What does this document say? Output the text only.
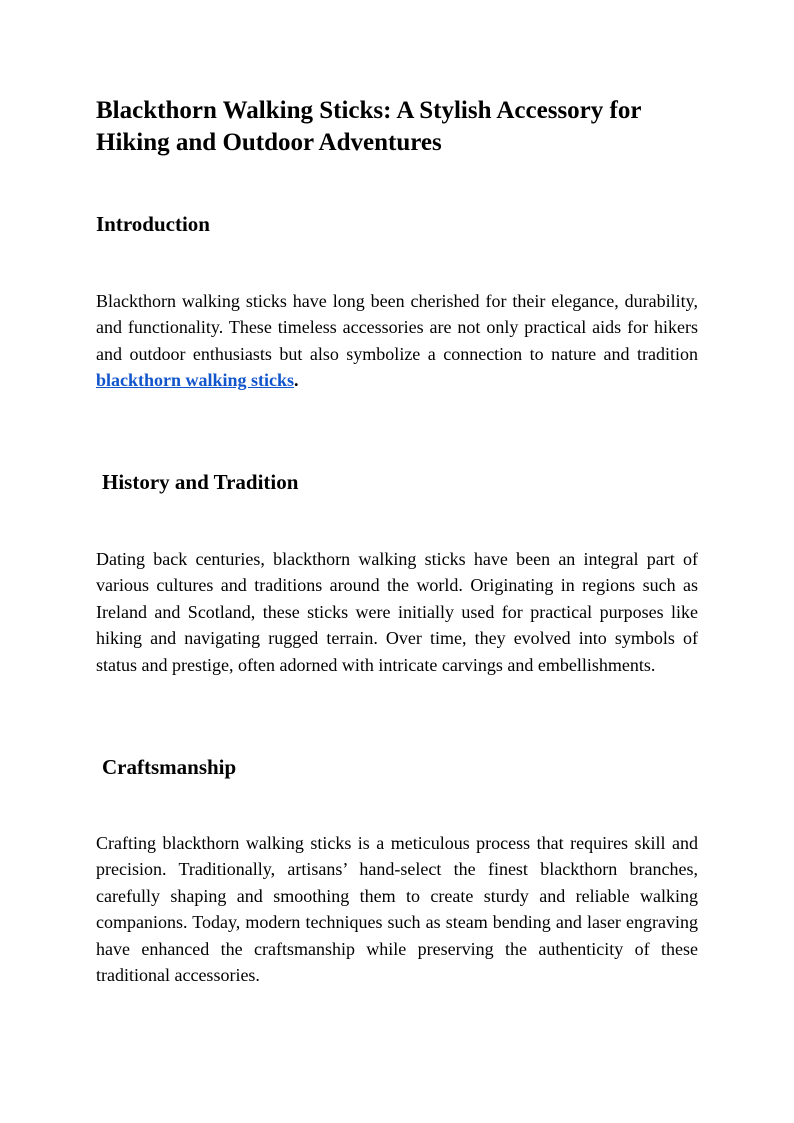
Blackthorn Walking Sticks: A Stylish Accessory for Hiking and Outdoor Adventures
Introduction

Blackthorn walking sticks have long been cherished for their elegance, durability, and functionality. These timeless accessories are not only practical aids for hikers and outdoor enthusiasts but also symbolize a connection to nature and tradition blackthorn walking sticks.

History and Tradition

Dating back centuries, blackthorn walking sticks have been an integral part of various cultures and traditions around the world. Originating in regions such as Ireland and Scotland, these sticks were initially used for practical purposes like hiking and navigating rugged terrain. Over time, they evolved into symbols of status and prestige, often adorned with intricate carvings and embellishments.

Craftsmanship

Crafting blackthorn walking sticks is a meticulous process that requires skill and precision. Traditionally, artisans’ hand-select the finest blackthorn branches, carefully shaping and smoothing them to create sturdy and reliable walking companions. Today, modern techniques such as steam bending and laser engraving have enhanced the craftsmanship while preserving the authenticity of these traditional accessories.
